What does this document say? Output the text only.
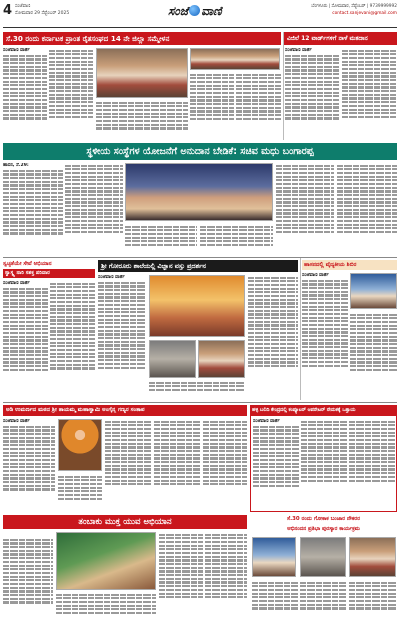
4 ಸಂಜೆವಾಣಿ
ಸೋಮವಾರ 29 ಸೆಪ್ಟೆಂಬರ್ 2025	ಸಂಜೆ ವಾಣಿ	ಬೆಂಗಳೂರು | ಸೋಮವಾರ, ಸೆಪ್ಟೆಂಬರ್ | 9739999992
contact.sanjevani@gmail.com
ಸೆ.30 ರಂದು ಕರ್ನಾಟಕ ಪ್ರಾಂತ ರೈತಸಂಘದ 14 ನೇ ಜಿಲ್ಲಾ ಸಮ್ಮೇಳನ	ವಿಜಿಲೆ 12 ವಾರ್ಡ್‌ಗಳಿಗೆ ನಾಳೆ ಮತದಾನ
ಸಂಜೆವಾಣಿ ವಾರ್ತೆ	ಸಂಜೆವಾಣಿ ವಾರ್ತೆ
ಸ್ಥಳೀಯ ಸಂಸ್ಥೆಗಳ ಯೋಜನೆಗೆ ಅನುದಾನ ಬೇಡಿಕೆ: ಸಚಿವ ಮಧು ಬಂಗಾರಪ್ಪ
ಹಾಸನ, ಸೆ.29:
ಸ್ವಚ್ಛತೆಯೇ ಸೇವೆ ಅಭಿಯಾನ
ಸ್ವಾಸ್ಥ್ಯ ನಾರಿ ಸಶಕ್ತ ಪರಿವಾರ
ಸಂಜೆವಾಣಿ ವಾರ್ತೆ
ಶ್ರೀ ಗೋರೂರು ಶಾಲೆಯಲ್ಲಿ ವಿಜ್ಞಾನ ವಸ್ತು ಪ್ರದರ್ಶನ
ಸಂಜೆವಾಣಿ ವಾರ್ತೆ
ಹಾಸನದಲ್ಲಿ ವೈದ್ಯಕೀಯ ಶಿಬಿರ
ಸಂಜೆವಾಣಿ ವಾರ್ತೆ
ಅಡಿ ಉಮರ್ಣದ ಮಠದ ಶ್ರೀ ತಾಯಮ್ಮ ಮಹಾಸ್ವಾಮಿ ಅಂಗೈನ್ನ ಗಣ್ಯರ ಸಂತಾಪ
ಸಂಜೆವಾಣಿ ವಾರ್ತೆ
ಹಳ್ಳಿ ಬಲಿದಿ ಕೇಂದ್ರದಲ್ಲಿ ಕಂಪ್ಯೂಟರ್ ಆಪರೇಟರ್ ನೇಮಕಕ್ಕೆ ಒತ್ತಾಯ
ಸಂಜೆವಾಣಿ ವಾರ್ತೆ
ತಂಬಾಕು ಮುಕ್ತ ಯುವ ಅಭಿಯಾನ
	ಸೆ.30 ರಂದು ಗೋಕಾಕ ಬಂಜಾರ ನೌಕರರ
ಅಭಿನಂದನ ಪ್ರತಿಭಾ ಪುರಸ್ಕಾರ ಕಾರ್ಯಕ್ರಮ
